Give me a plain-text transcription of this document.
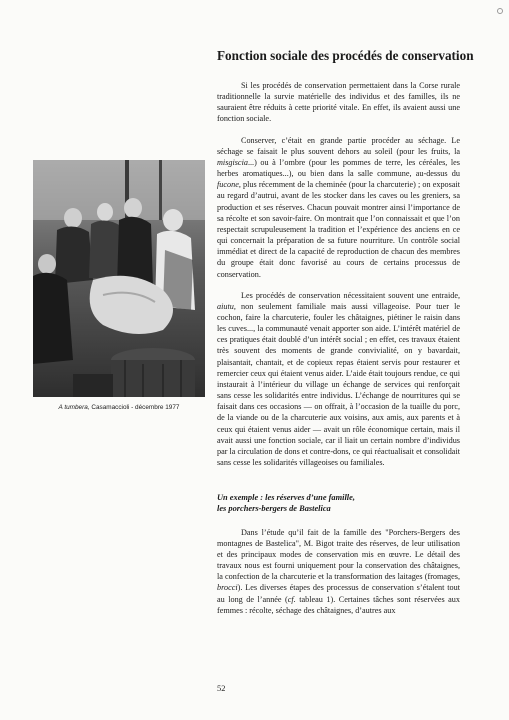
Fonction sociale des procédés de conservation
A tumbera, Casamaccioli - décembre 1977

Si les procédés de conservation permettaient dans la Corse rurale traditionnelle la survie matérielle des individus et des familles, ils ne sauraient être réduits à cette priorité vitale. En effet, ils avaient aussi une fonction sociale.

Conserver, c’était en grande partie procéder au séchage. Le séchage se faisait le plus souvent dehors au soleil (pour les fruits, la misgiscia...) ou à l’ombre (pour les pommes de terre, les céréales, les herbes aromatiques...), ou bien dans la salle commune, au-dessus du fucone, plus récemment de la cheminée (pour la charcuterie) ; on exposait au regard d’autrui, avant de les stocker dans les caves ou les greniers, sa production et ses réserves. Chacun pouvait montrer ainsi l’importance de sa récolte et son savoir-faire. On montrait que l’on connaissait et que l’on respectait scrupuleusement la tradition et l’expérience des anciens en ce qui concernait la préparation de sa future nourriture. Un contrôle social immédiat et direct de la capacité de reproduction de chacun des membres du groupe était donc favorisé au cours de certains processus de conservation.

Les procédés de conservation nécessitaient souvent une entraide, aiutu, non seulement familiale mais aussi villageoise. Pour tuer le cochon, faire la charcuterie, fouler les châtaignes, piétiner le raisin dans les cuves..., la communauté venait apporter son aide. L’intérêt matériel de ces pratiques était doublé d’un intérêt social ; en effet, ces travaux étaient très souvent des moments de grande convivialité, on y bavardait, plaisantait, chantait, et de copieux repas étaient servis pour restaurer et remercier ceux qui étaient venus aider. L’aide était toujours rendue, ce qui instaurait à l’intérieur du village un échange de services qui renforçait sans cesse les solidarités entre individus. L’échange de nourritures qui se faisait dans ces occasions — on offrait, à l’occasion de la tuaille du porc, de la viande ou de la charcuterie aux voisins, aux amis, aux parents et à ceux qui étaient venus aider — avait un rôle économique certain, mais il avait aussi une fonction sociale, car il liait un certain nombre d’individus par la circulation de dons et contre-dons, ce qui réactualisait et consolidait sans cesse les solidarités villageoises ou familiales.

Un exemple : les réserves d’une famille,
les porchers-bergers de Bastelica

Dans l’étude qu’il fait de la famille des "Porchers-Bergers des montagnes de Bastelica", M. Bigot traite des réserves, de leur utilisation et des principaux modes de conservation mis en œuvre. Le détail des travaux nous est fourni uniquement pour la conservation des châtaignes, la confection de la charcuterie et la transformation des laitages (fromages, brocci). Les diverses étapes des processus de conservation s’étalent tout au long de l’année (cf. tableau 1). Certaines tâches sont réservées aux femmes : récolte, séchage des châtaignes, d’autres aux

52
